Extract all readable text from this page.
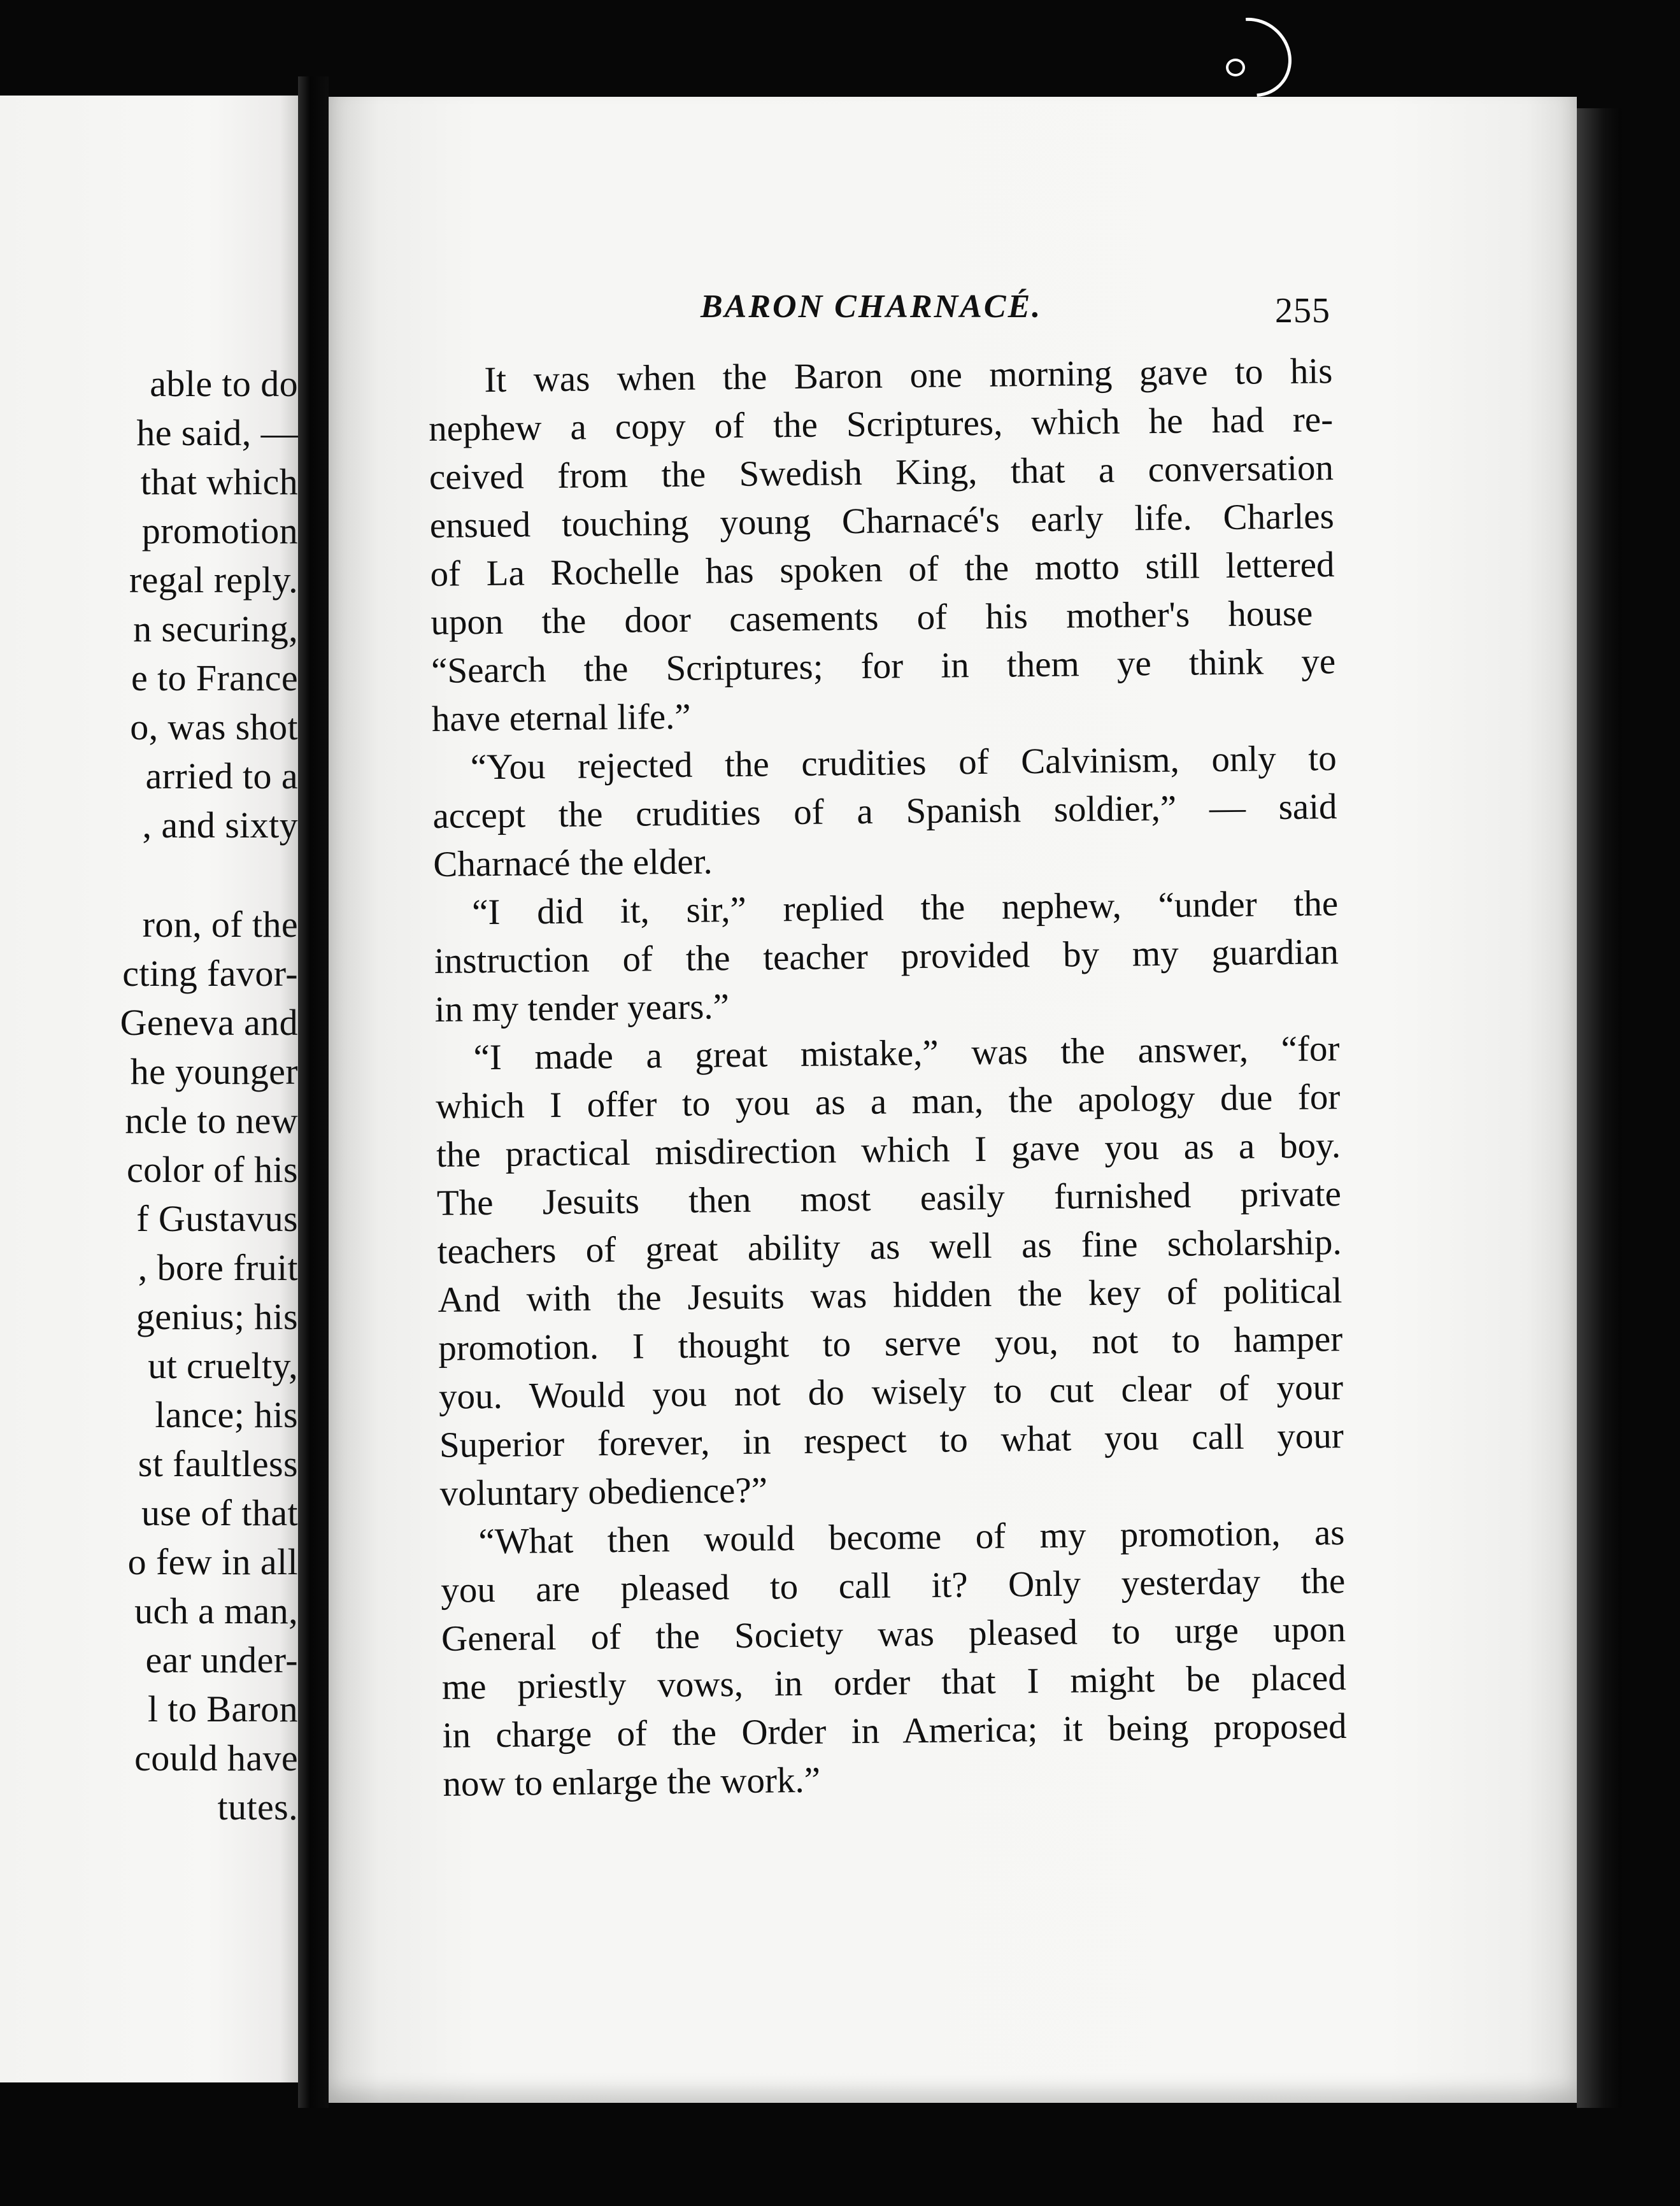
able to do
he said, —
that which
promotion
regal reply.
n securing,
e to France
o, was shot
arried to a
, and sixty
ron, of the
cting favor-
Geneva and
he younger
ncle to new
color of his
f Gustavus
, bore fruit
genius; his
ut cruelty,
lance; his
st faultless
use of that
o few in all
uch a man,
ear under-
l to Baron
could have
tutes.
BARON CHARNACÉ.	255
It was when the Baron one morning gave to his
nephew a copy of the Scriptures, which he had re-
ceived from the Swedish King, that a conversation
ensued touching young Charnacé's early life. Charles
of La Rochelle has spoken of the motto still lettered
upon the door casements of his mother's house
“Search the Scriptures; for in them ye think ye
have eternal life.”
“You rejected the crudities of Calvinism, only to
accept the crudities of a Spanish soldier,” — said
Charnacé the elder.
“I did it, sir,” replied the nephew, “under the
instruction of the teacher provided by my guardian
in my tender years.”
“I made a great mistake,” was the answer, “for
which I offer to you as a man, the apology due for
the practical misdirection which I gave you as a boy.
The Jesuits then most easily furnished private
teachers of great ability as well as fine scholarship.
And with the Jesuits was hidden the key of political
promotion. I thought to serve you, not to hamper
you. Would you not do wisely to cut clear of your
Superior forever, in respect to what you call your
voluntary obedience?”
“What then would become of my promotion, as
you are pleased to call it? Only yesterday the
General of the Society was pleased to urge upon
me priestly vows, in order that I might be placed
in charge of the Order in America; it being proposed
now to enlarge the work.”
